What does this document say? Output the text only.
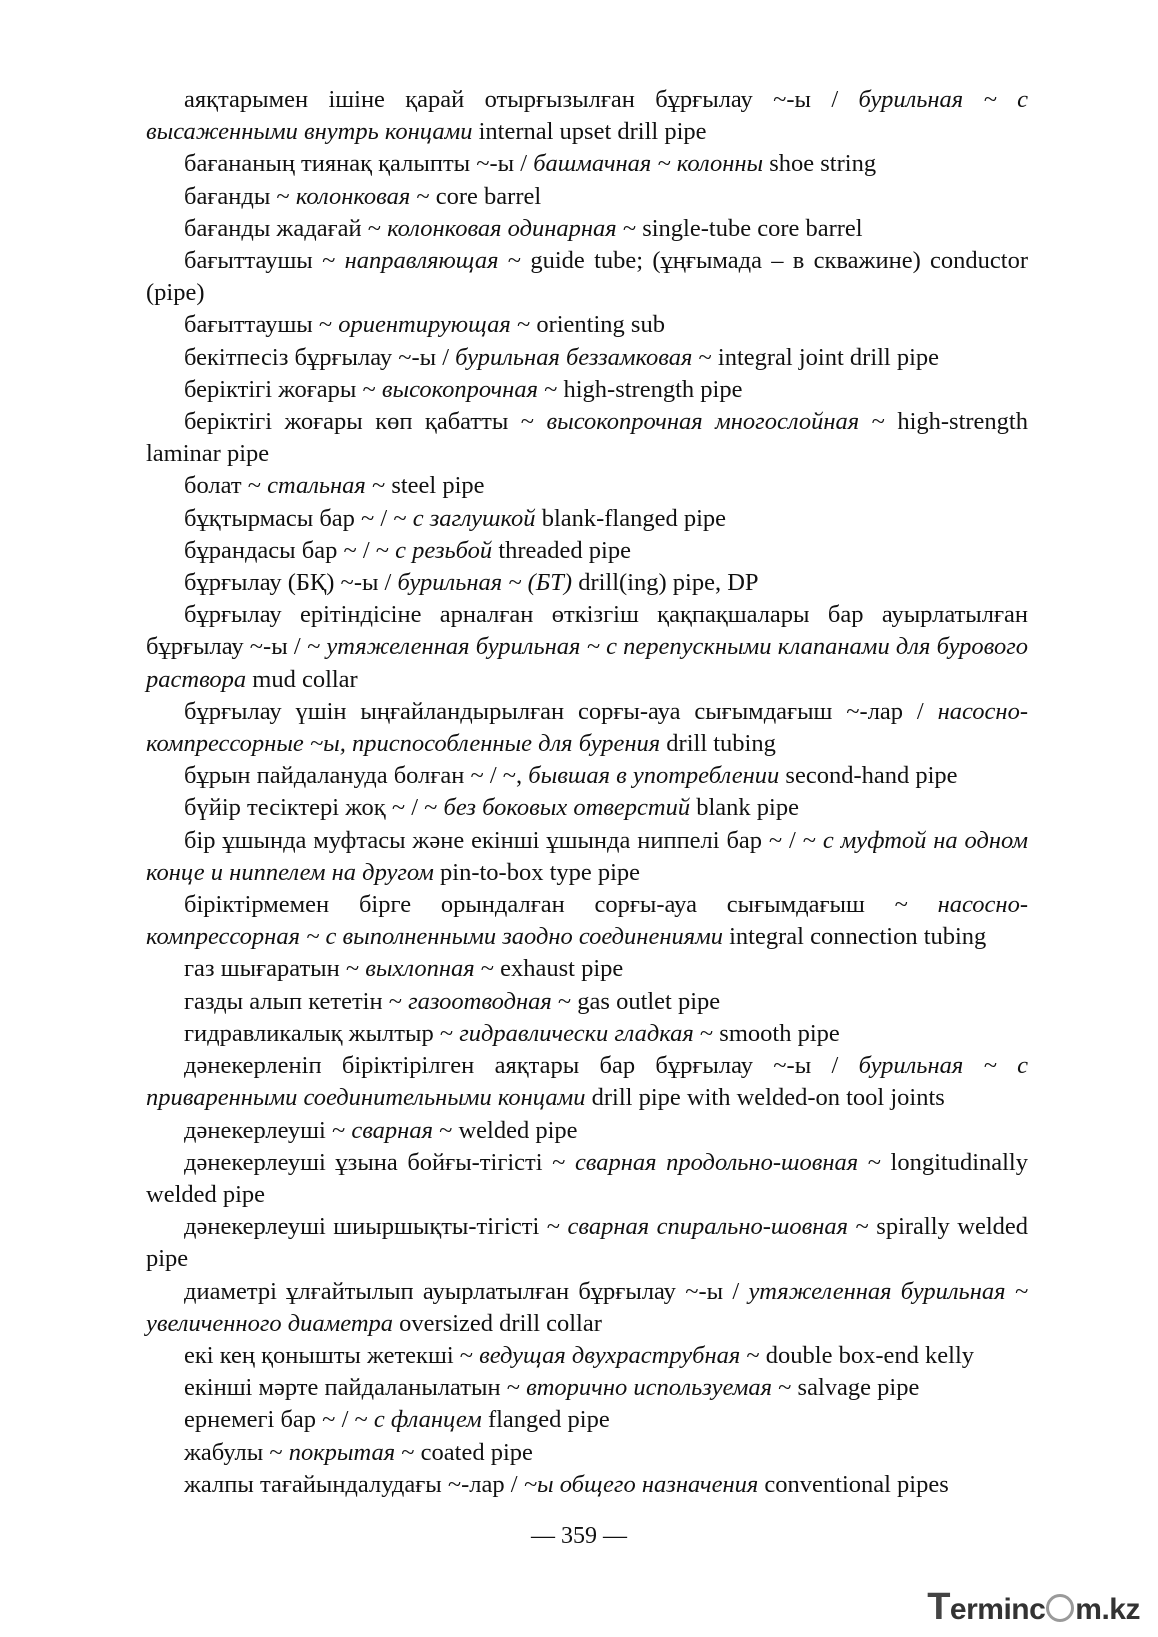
аяқтарымен ішіне қарай отырғызылған бұрғылау ~-ы / бурильная ~ с высаженными внутрь концами internal upset drill pipe

бағананың тиянақ қалыпты ~-ы / башмачная ~ колонны shoe string

бағанды ~ колонковая ~ core barrel

бағанды жадағай ~ колонковая одинарная ~ single-tube core barrel

бағыттаушы ~ направляющая ~ guide tube; (ұңғымада – в скважине) conductor (pipe)

бағыттаушы ~ ориентирующая ~ orienting sub

бекітпесіз бұрғылау ~-ы / бурильная беззамковая ~ integral joint drill pipe

беріктігі жоғары ~ высокопрочная ~ high-strength pipe

беріктігі жоғары көп қабатты ~ высокопрочная многослойная ~ high-strength laminar pipe

болат ~ стальная ~ steel pipe

бұқтырмасы бар ~ / ~ с заглушкой blank-flanged pipe

бұрандасы бар ~ / ~ с резьбой threaded pipe

бұрғылау (БҚ) ~-ы / бурильная ~ (БТ) drill(ing) pipe, DP

бұрғылау ерітіндісіне арналған өткізгіш қақпақшалары бар ауырлатылған бұрғылау ~-ы / ~ утяжеленная бурильная ~ с перепускными клапанами для бурового раствора mud collar

бұрғылау үшін ыңғайландырылған сорғы-ауа сығымдағыш ~-лар / насосно-компрессорные ~ы, приспособленные для бурения drill tubing

бұрын пайдалануда болған ~ / ~, бывшая в употреблении second-hand pipe

бүйір тесіктері жоқ ~ / ~ без боковых отверстий blank pipe

бір ұшында муфтасы және екінші ұшында ниппелі бар ~ / ~ с муфтой на одном конце и ниппелем на другом pin-to-box type pipe

біріктірмемен бірге орындалған сорғы-ауа сығымдағыш ~ насосно-компрессорная ~ с выполненными заодно соединениями integral connection tubing

газ шығаратын ~ выхлопная ~ exhaust pipe

газды алып кететін ~ газоотводная ~ gas outlet pipe

гидравликалық жылтыр ~ гидравлически гладкая ~ smooth pipe

дәнекерленіп біріктірілген аяқтары бар бұрғылау ~-ы / бурильная ~ с приваренными соединительными концами drill pipe with welded-on tool joints

дәнекерлеуші ~ сварная ~ welded pipe

дәнекерлеуші ұзына бойғы-тігісті ~ сварная продольно-шовная ~ longitudinally welded pipe

дәнекерлеуші шиыршықты-тігісті ~ сварная спирально-шовная ~ spirally welded pipe

диаметрі ұлғайтылып ауырлатылған бұрғылау ~-ы / утяжеленная бурильная ~ увеличенного диаметра oversized drill collar

екі кең қонышты жетекші ~ ведущая двухраструбная ~ double box-end kelly

екінші мәрте пайдаланылатын ~ вторично используемая ~ salvage pipe

ернемегі бар ~ / ~ с фланцем flanged pipe

жабулы ~ покрытая ~ coated pipe

жалпы тағайындалудағы ~-лар / ~ы общего назначения conventional pipes

— 359 —
Terminc m.kz
